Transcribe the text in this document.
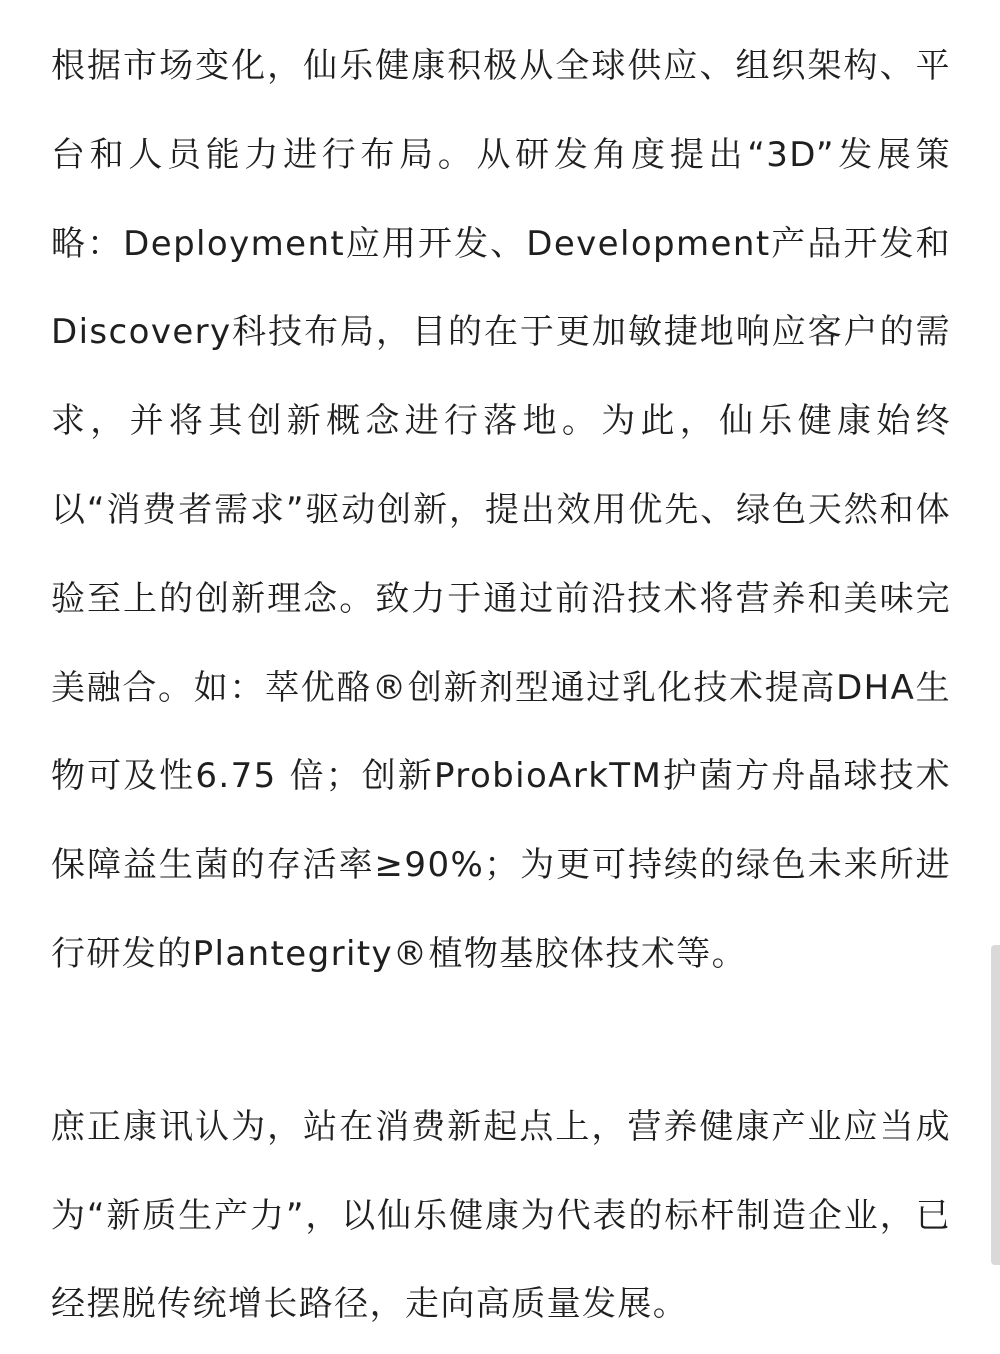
根据市场变化，仙乐健康积极从全球供应、组织架构、平台和人员能力进行布局。从研发角度提出“3D”发展策略：Deployment应用开发、Development产品开发和Discovery科技布局，目的在于更加敏捷地响应客户的需求，并将其创新概念进行落地。为此，仙乐健康始终以“消费者需求”驱动创新，提出效用优先、绿色天然和体验至上的创新理念。致力于通过前沿技术将营养和美味完美融合。如：萃优酪®创新剂型通过乳化技术提高DHA生物可及性6.75 倍；创新ProbioArkTM护菌方舟晶球技术保障益生菌的存活率≥90%；为更可持续的绿色未来所进行研发的Plantegrity®植物基胶体技术等。

庶正康讯认为，站在消费新起点上，营养健康产业应当成为“新质生产力”，以仙乐健康为代表的标杆制造企业，已经摆脱传统增长路径，走向高质量发展。
